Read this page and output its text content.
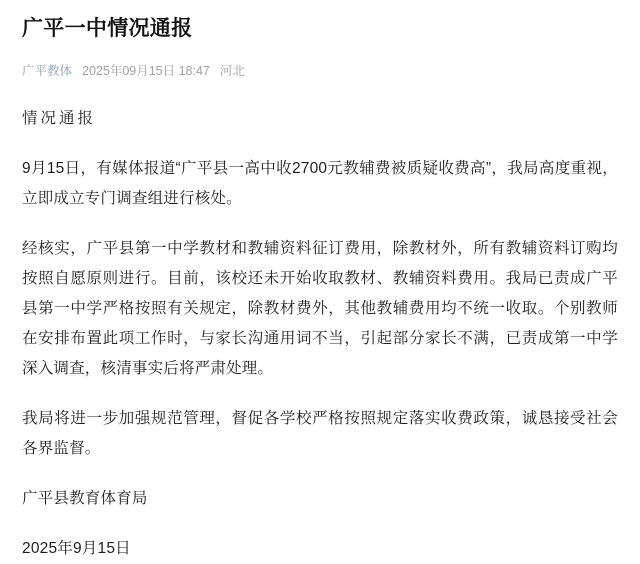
广平一中情况通报
广平教体 2025年09月15日 18:47 河北

情况通报

9月15日，有媒体报道“广平县一高中收2700元教辅费被质疑收费高”，我局高度重视，立即成立专门调查组进行核处。

经核实，广平县第一中学教材和教辅资料征订费用，除教材外，所有教辅资料订购均按照自愿原则进行。目前，该校还未开始收取教材、教辅资料费用。我局已责成广平县第一中学严格按照有关规定，除教材费外，其他教辅费用均不统一收取。个别教师在安排布置此项工作时，与家长沟通用词不当，引起部分家长不满，已责成第一中学深入调查，核清事实后将严肃处理。

我局将进一步加强规范管理，督促各学校严格按照规定落实收费政策，诚恳接受社会各界监督。

广平县教育体育局

2025年9月15日
